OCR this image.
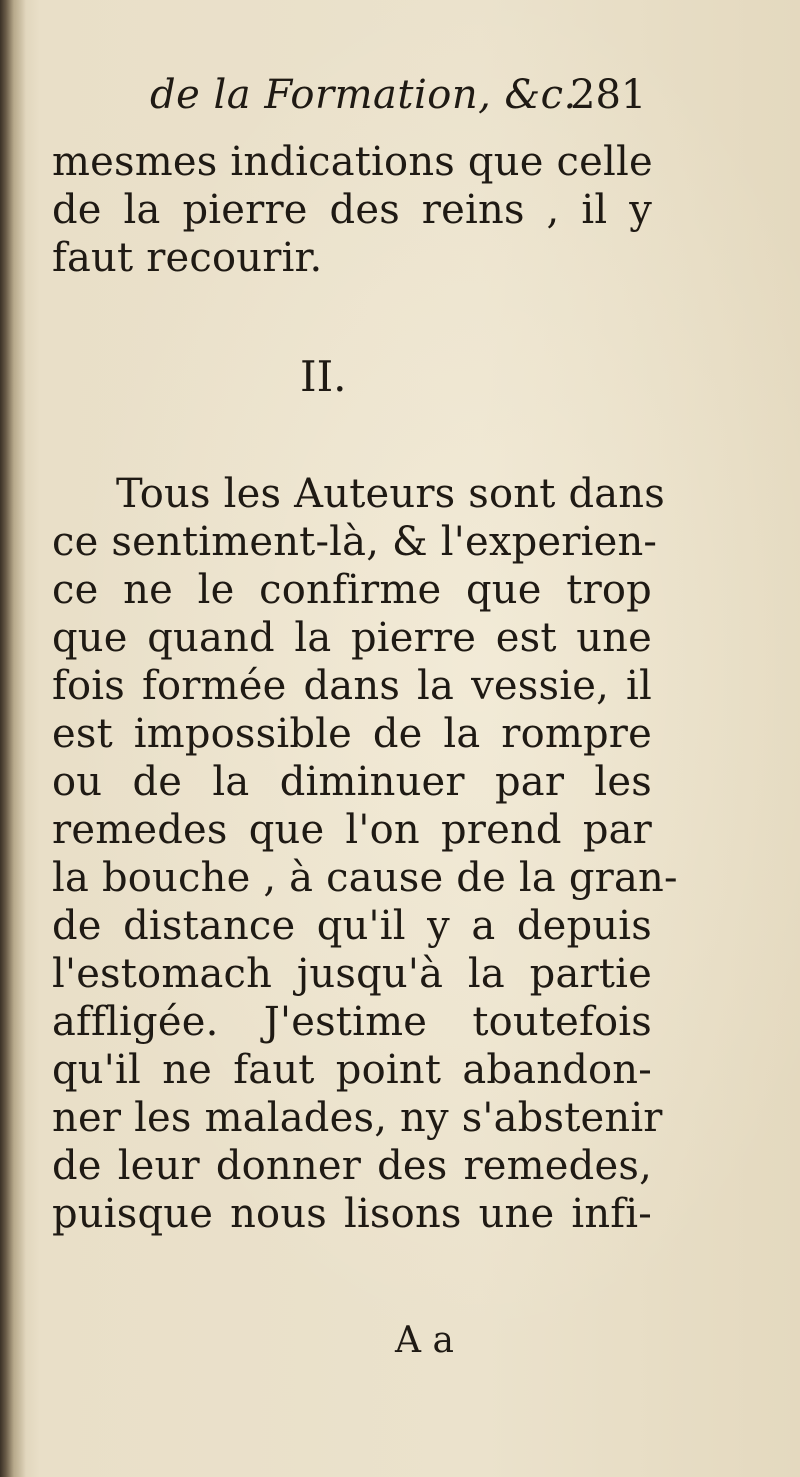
de la Formation, &c.
281
mesmes indications que celle
de la pierre des reins , il y
faut recourir.
II.
Tous les Auteurs sont dans
ce sentiment-là, & l'experien-
ce ne le confirme que trop
que quand la pierre est une
fois formée dans la vessie, il
est impossible de la rompre
ou de la diminuer par les
remedes que l'on prend par
la bouche , à cause de la gran-
de distance qu'il y a depuis
l'estomach jusqu'à la partie
affligée. J'estime toutefois
qu'il ne faut point abandon-
ner les malades, ny s'abstenir
de leur donner des remedes,
puisque nous lisons une infi-
A a
